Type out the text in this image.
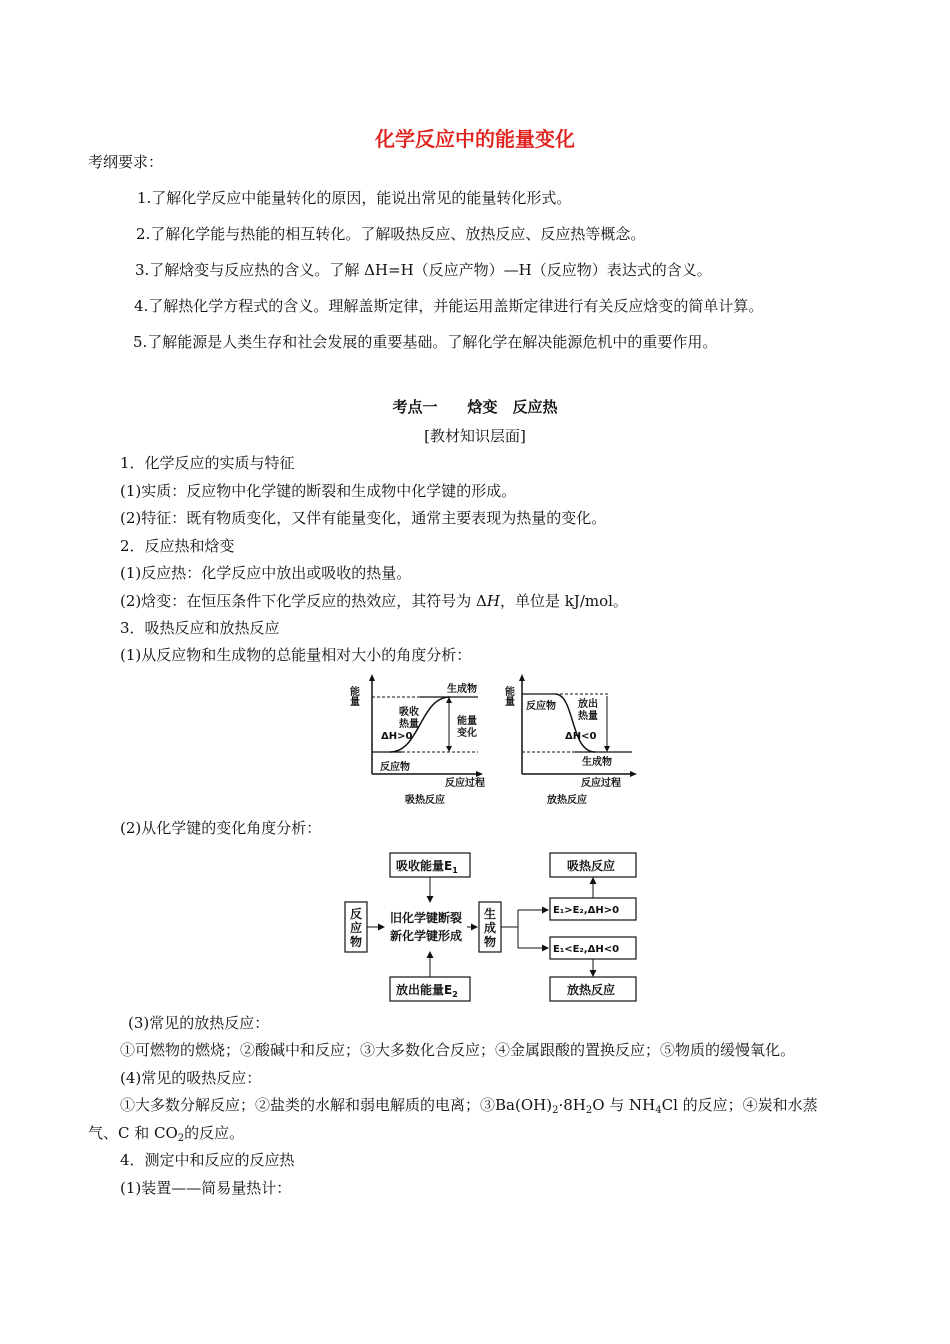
化学反应中的能量变化
考纲要求：
1.了解化学反应中能量转化的原因，能说出常见的能量转化形式。
2.了解化学能与热能的相互转化。了解吸热反应、放热反应、反应热等概念。
3.了解焓变与反应热的含义。了解 ΔH=H（反应产物）—H（反应物）表达式的含义。
4.了解热化学方程式的含义。理解盖斯定律，并能运用盖斯定律进行有关反应焓变的简单计算。
5.了解能源是人类生存和社会发展的重要基础。了解化学在解决能源危机中的重要作用。
考点一　　焓变　反应热
[教材知识层面]
1．化学反应的实质与特征
(1)实质：反应物中化学键的断裂和生成物中化学键的形成。
(2)特征：既有物质变化，又伴有能量变化，通常主要表现为热量的变化。
2．反应热和焓变
(1)反应热：化学反应中放出或吸收的热量。
(2)焓变：在恒压条件下化学反应的热效应，其符号为 ΔH，单位是 kJ/mol。
3．吸热反应和放热反应
(1)从反应物和生成物的总能量相对大小的角度分析：
能量	生成物
反应物
吸收
热量
ΔH>0
能量
变化
反应过程
吸热反应
能量
反应物 放出
热量
ΔH<0
生成物
反应过程
放热反应
(2)从化学键的变化角度分析：
吸收能量$E_1$
反
应
物
旧化学键断裂
新化学键形成
生
成
物
放出能量$E_2$
吸热反应
E₁>E₂,ΔH>0
E₁<E₂,ΔH<0
放热反应
(3)常见的放热反应：
①可燃物的燃烧；②酸碱中和反应；③大多数化合反应；④金属跟酸的置换反应；⑤物质的缓慢氧化。
(4)常见的吸热反应：
①大多数分解反应；②盐类的水解和弱电解质的电离；$③Ba(OH)_2\cdot 8H_2O$ 与 $NH_4Cl$ 的反应；④炭和水蒸
气、C 和 $CO_2$的反应。
4．测定中和反应的反应热
(1)装置——简易量热计：
